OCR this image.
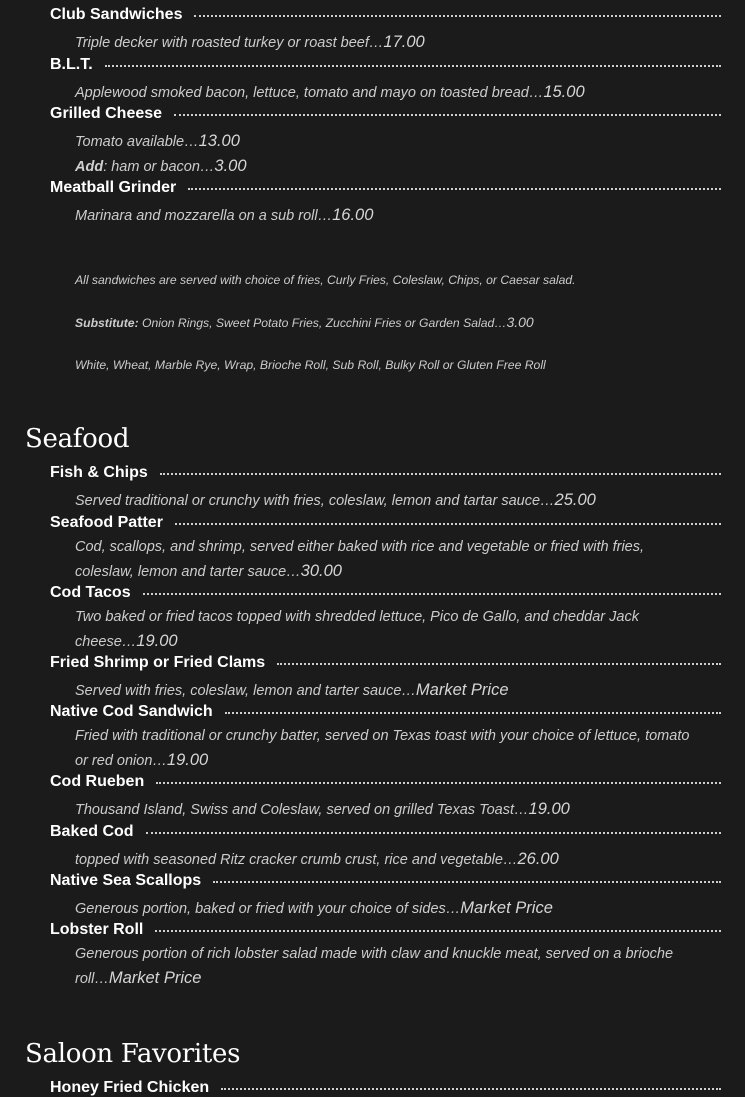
Club Sandwiches
Triple decker with roasted turkey or roast beef…17.00
B.L.T.
Applewood smoked bacon, lettuce, tomato and mayo on toasted bread…15.00
Grilled Cheese
Tomato available…13.00
Add: ham or bacon…3.00
Meatball Grinder
Marinara and mozzarella on a sub roll…16.00
All sandwiches are served with choice of fries, Curly Fries, Coleslaw, Chips, or Caesar salad.
Substitute: Onion Rings, Sweet Potato Fries, Zucchini Fries or Garden Salad…3.00
White, Wheat, Marble Rye, Wrap, Brioche Roll, Sub Roll, Bulky Roll or Gluten Free Roll
Seafood
Fish & Chips
Served traditional or crunchy with fries, coleslaw, lemon and tartar sauce…25.00
Seafood Patter
Cod, scallops, and shrimp, served either baked with rice and vegetable or fried with fries, coleslaw, lemon and tarter sauce…30.00
Cod Tacos
Two baked or fried tacos topped with shredded lettuce, Pico de Gallo, and cheddar Jack cheese…19.00
Fried Shrimp or Fried Clams
Served with fries, coleslaw, lemon and tarter sauce…Market Price
Native Cod Sandwich
Fried with traditional or crunchy batter, served on Texas toast with your choice of lettuce, tomato or red onion…19.00
Cod Rueben
Thousand Island, Swiss and Coleslaw, served on grilled Texas Toast…19.00
Baked Cod
topped with seasoned Ritz cracker crumb crust, rice and vegetable…26.00
Native Sea Scallops
Generous portion, baked or fried with your choice of sides…Market Price
Lobster Roll
Generous portion of rich lobster salad made with claw and knuckle meat, served on a brioche roll…Market Price
Saloon Favorites
Honey Fried Chicken
